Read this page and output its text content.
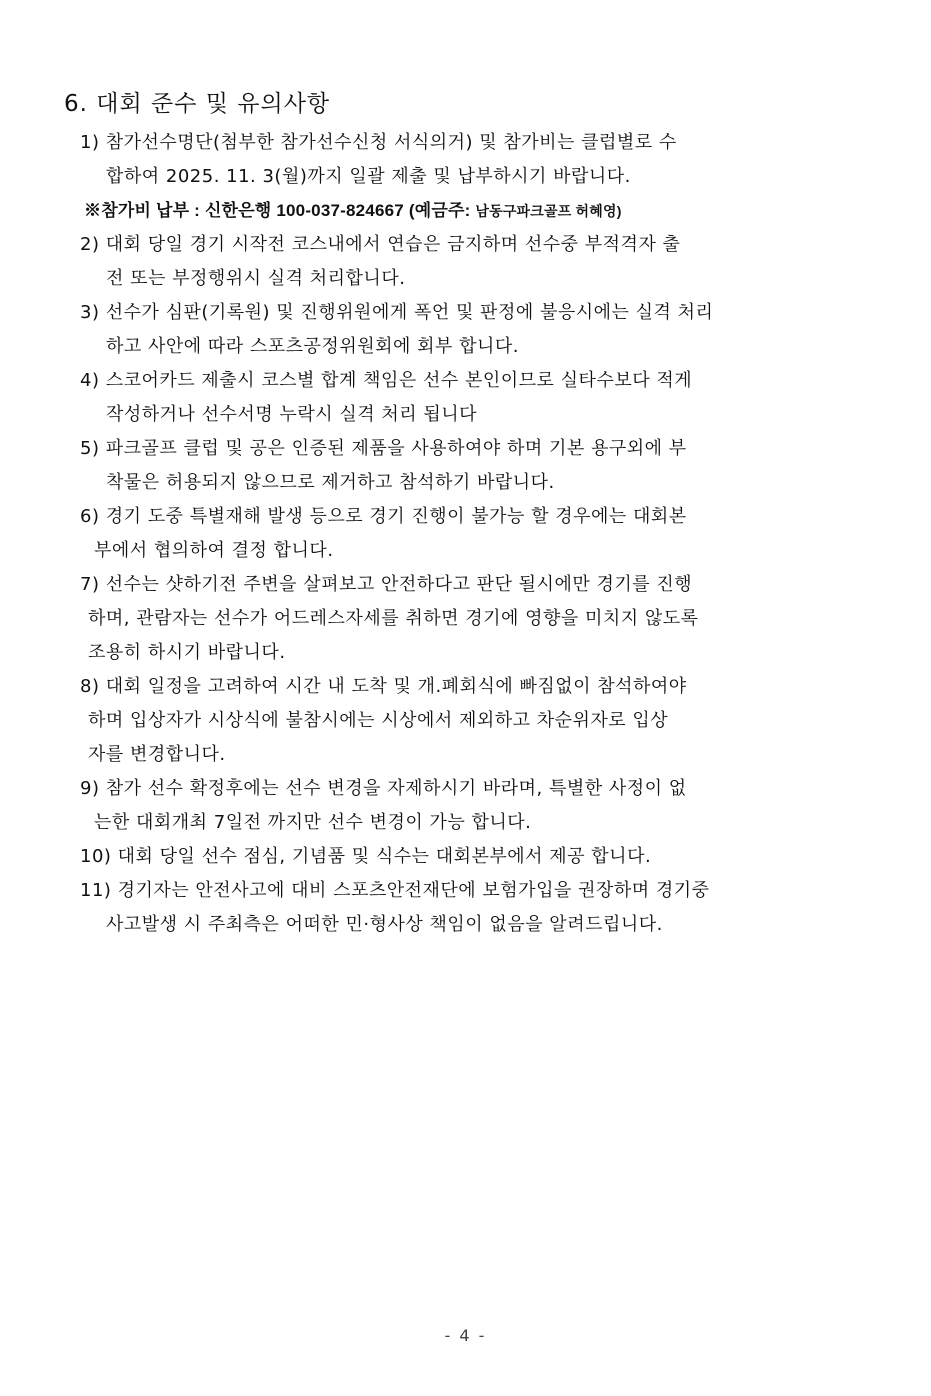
6. 대회 준수 및 유의사항
1) 참가선수명단(첨부한 참가선수신청 서식의거) 및 참가비는 클럽별로 수
합하여 2025. 11. 3(월)까지 일괄 제출 및 납부하시기 바랍니다.
※참가비 납부 : 신한은행 100-037-824667 (예금주: 남동구파크골프 허혜영)
2) 대회 당일 경기 시작전 코스내에서 연습은 금지하며 선수중 부적격자 출
전 또는 부정행위시 실격 처리합니다.
3) 선수가 심판(기록원) 및 진행위원에게 폭언 및 판정에 불응시에는 실격 처리
하고 사안에 따라 스포츠공정위원회에 회부 합니다.
4) 스코어카드 제출시 코스별 합계 책임은 선수 본인이므로 실타수보다 적게
작성하거나 선수서명 누락시 실격 처리 됩니다
5) 파크골프 클럽 및 공은 인증된 제품을 사용하여야 하며 기본 용구외에 부
착물은 허용되지 않으므로 제거하고 참석하기 바랍니다.
6) 경기 도중 특별재해 발생 등으로 경기 진행이 불가능 할 경우에는 대회본
부에서 협의하여 결정 합니다.
7) 선수는 샷하기전 주변을 살펴보고 안전하다고 판단 될시에만 경기를 진행
하며, 관람자는 선수가 어드레스자세를 취하면 경기에 영향을 미치지 않도록
조용히 하시기 바랍니다.
8) 대회 일정을 고려하여 시간 내 도착 및 개.폐회식에 빠짐없이 참석하여야
하며 입상자가 시상식에 불참시에는 시상에서 제외하고 차순위자로 입상
자를 변경합니다.
9) 참가 선수 확정후에는 선수 변경을 자제하시기 바라며, 특별한 사정이 없
는한 대회개최 7일전 까지만 선수 변경이 가능 합니다.
10) 대회 당일 선수 점심, 기념품 및 식수는 대회본부에서 제공 합니다.
11) 경기자는 안전사고에 대비 스포츠안전재단에 보험가입을 권장하며 경기중
사고발생 시 주최측은 어떠한 민·형사상 책임이 없음을 알려드립니다.
- 4 -
